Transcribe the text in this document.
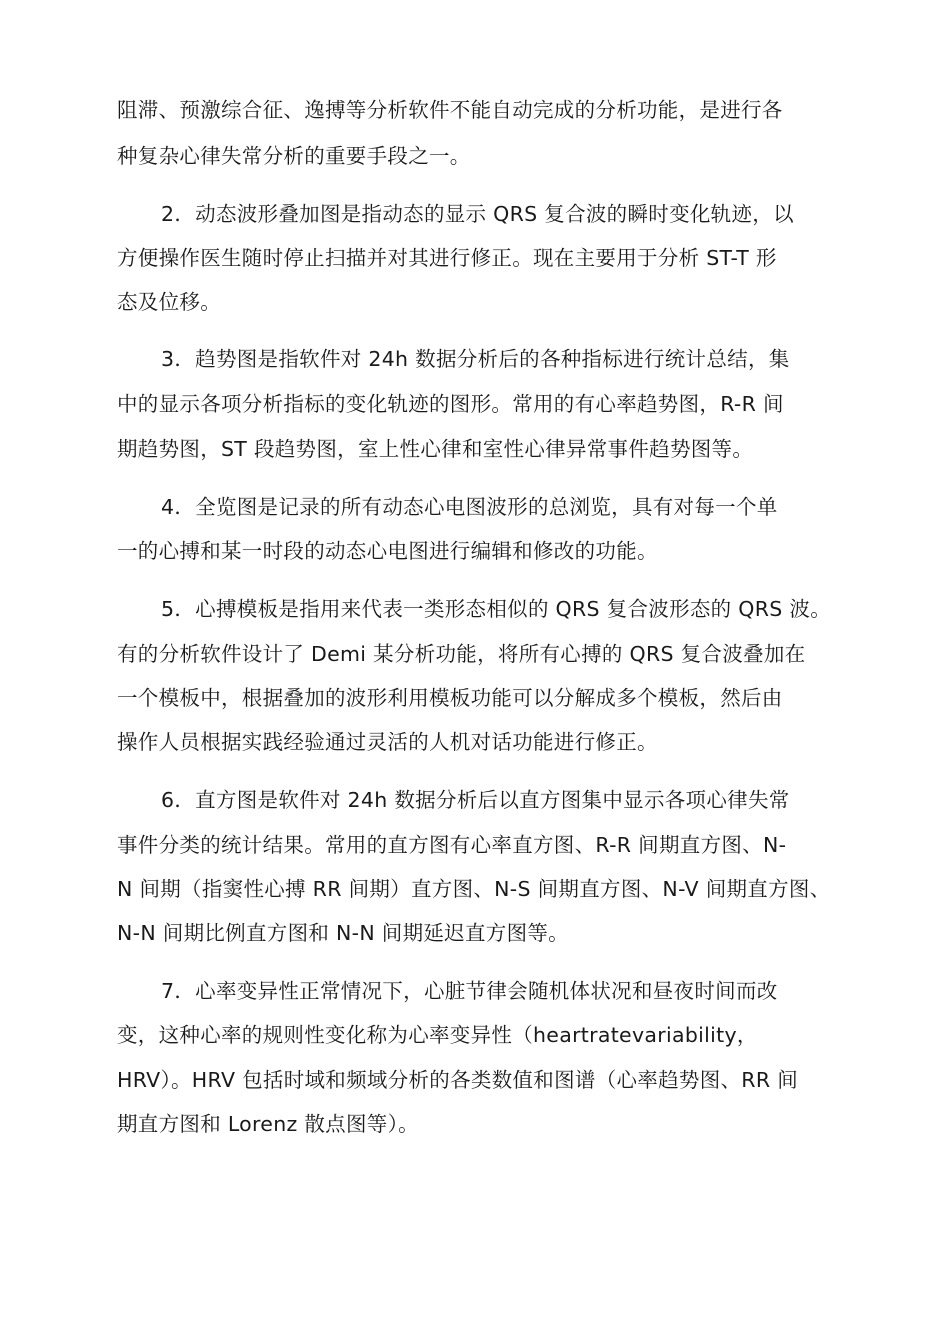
阻滞、预激综合征、逸搏等分析软件不能自动完成的分析功能，是进行各

种复杂心律失常分析的重要手段之一。

2．动态波形叠加图是指动态的显示 QRS 复合波的瞬时变化轨迹，以

方便操作医生随时停止扫描并对其进行修正。现在主要用于分析 ST-T 形

态及位移。

3．趋势图是指软件对 24h 数据分析后的各种指标进行统计总结，集

中的显示各项分析指标的变化轨迹的图形。常用的有心率趋势图，R-R 间

期趋势图，ST 段趋势图，室上性心律和室性心律异常事件趋势图等。

4．全览图是记录的所有动态心电图波形的总浏览，具有对每一个单

一的心搏和某一时段的动态心电图进行编辑和修改的功能。

5．心搏模板是指用来代表一类形态相似的 QRS 复合波形态的 QRS 波。

有的分析软件设计了 Demi 某分析功能，将所有心搏的 QRS 复合波叠加在

一个模板中，根据叠加的波形利用模板功能可以分解成多个模板，然后由

操作人员根据实践经验通过灵活的人机对话功能进行修正。

6．直方图是软件对 24h 数据分析后以直方图集中显示各项心律失常

事件分类的统计结果。常用的直方图有心率直方图、R-R 间期直方图、N-

N 间期（指窦性心搏 RR 间期）直方图、N-S 间期直方图、N-V 间期直方图、

N-N 间期比例直方图和 N-N 间期延迟直方图等。

7．心率变异性正常情况下，心脏节律会随机体状况和昼夜时间而改

变，这种心率的规则性变化称为心率变异性（heartratevariability，

HRV）。HRV 包括时域和频域分析的各类数值和图谱（心率趋势图、RR 间

期直方图和 Lorenz 散点图等）。
